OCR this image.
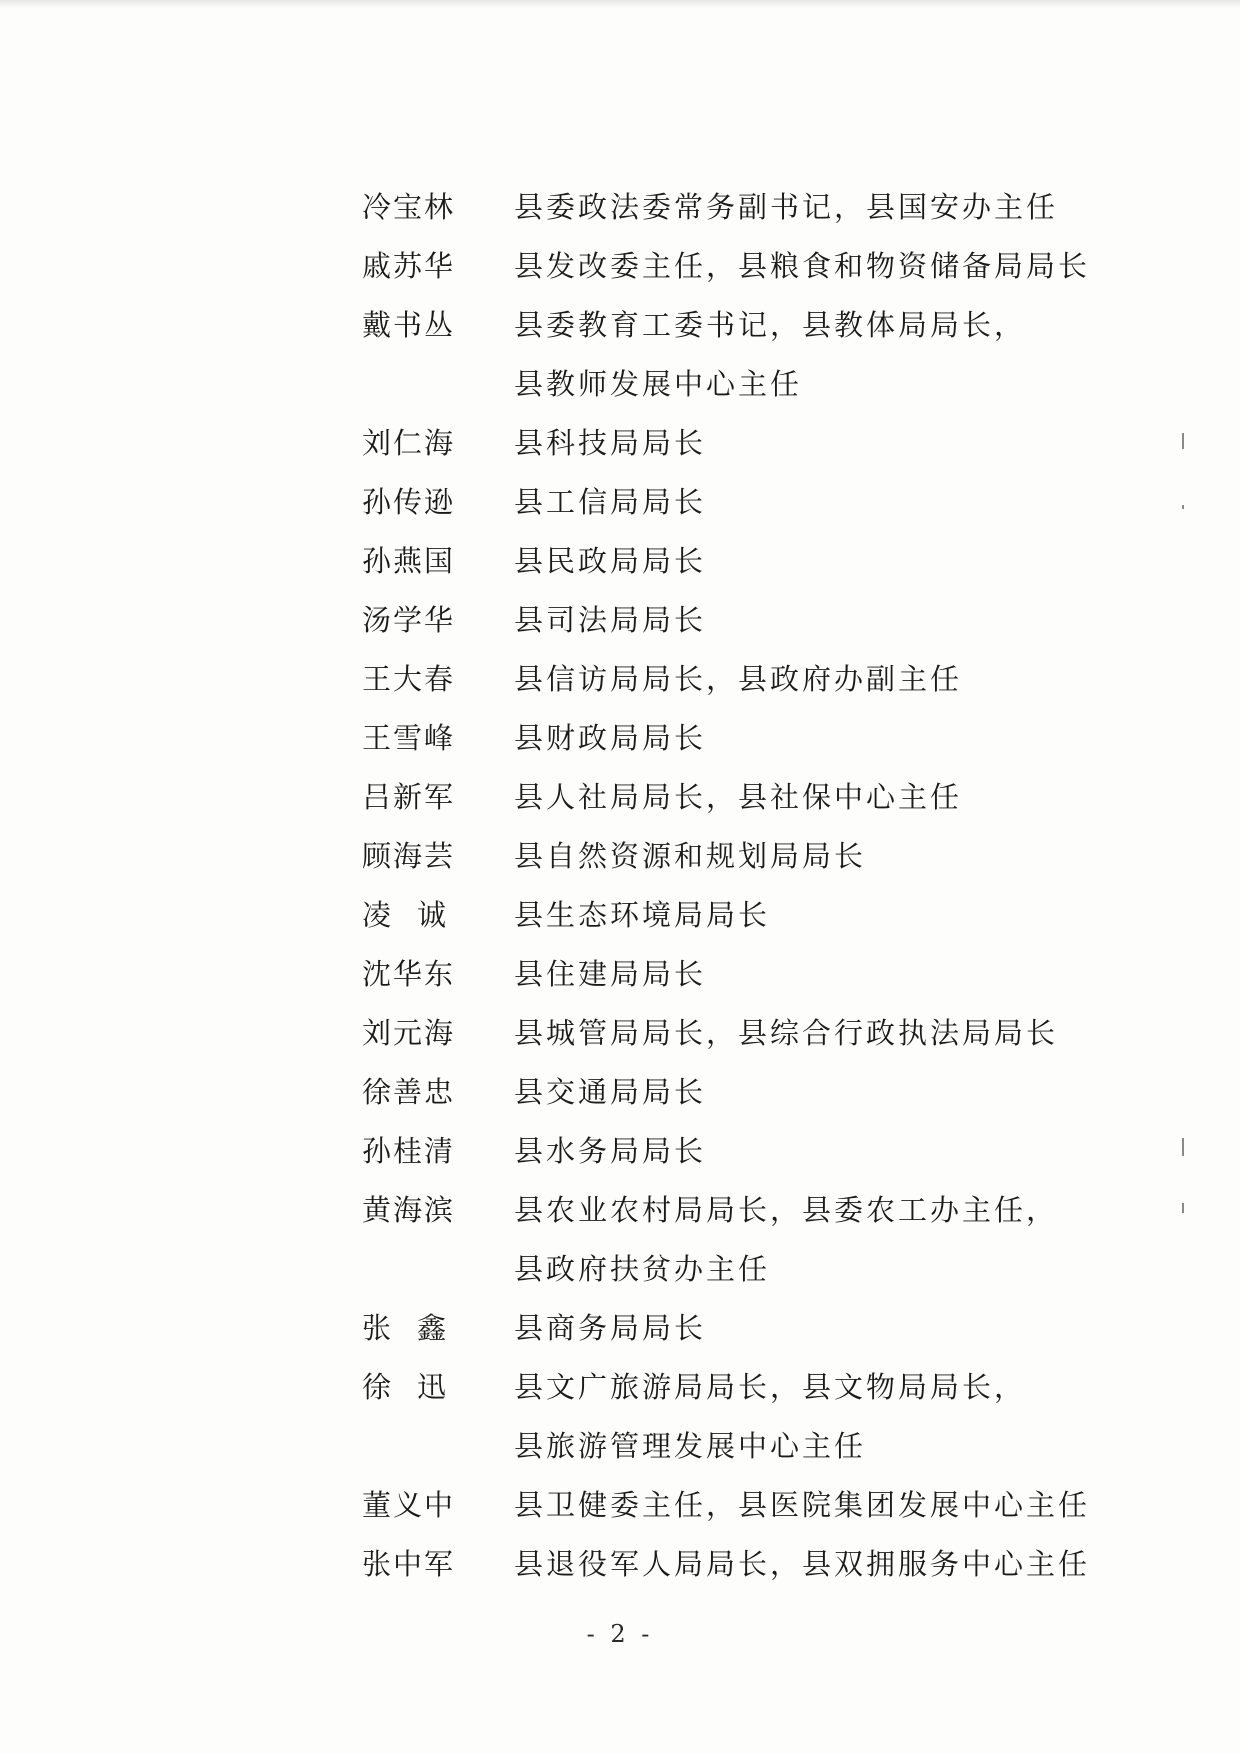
冷宝林	县委政法委常务副书记，县国安办主任
戚苏华	县发改委主任，县粮食和物资储备局局长
戴书丛	县委教育工委书记，县教体局局长，
县教师发展中心主任
刘仁海	县科技局局长
孙传逊	县工信局局长
孙燕国	县民政局局长
汤学华	县司法局局长
王大春	县信访局局长，县政府办副主任
王雪峰	县财政局局长
吕新军	县人社局局长，县社保中心主任
顾海芸	县自然资源和规划局局长
凌诚	县生态环境局局长
沈华东	县住建局局长
刘元海	县城管局局长，县综合行政执法局局长
徐善忠	县交通局局长
孙桂清	县水务局局长
黄海滨	县农业农村局局长，县委农工办主任，
县政府扶贫办主任
张鑫	县商务局局长
徐迅	县文广旅游局局长，县文物局局长，
县旅游管理发展中心主任
董义中	县卫健委主任，县医院集团发展中心主任
张中军	县退役军人局局长，县双拥服务中心主任
- 2 -
